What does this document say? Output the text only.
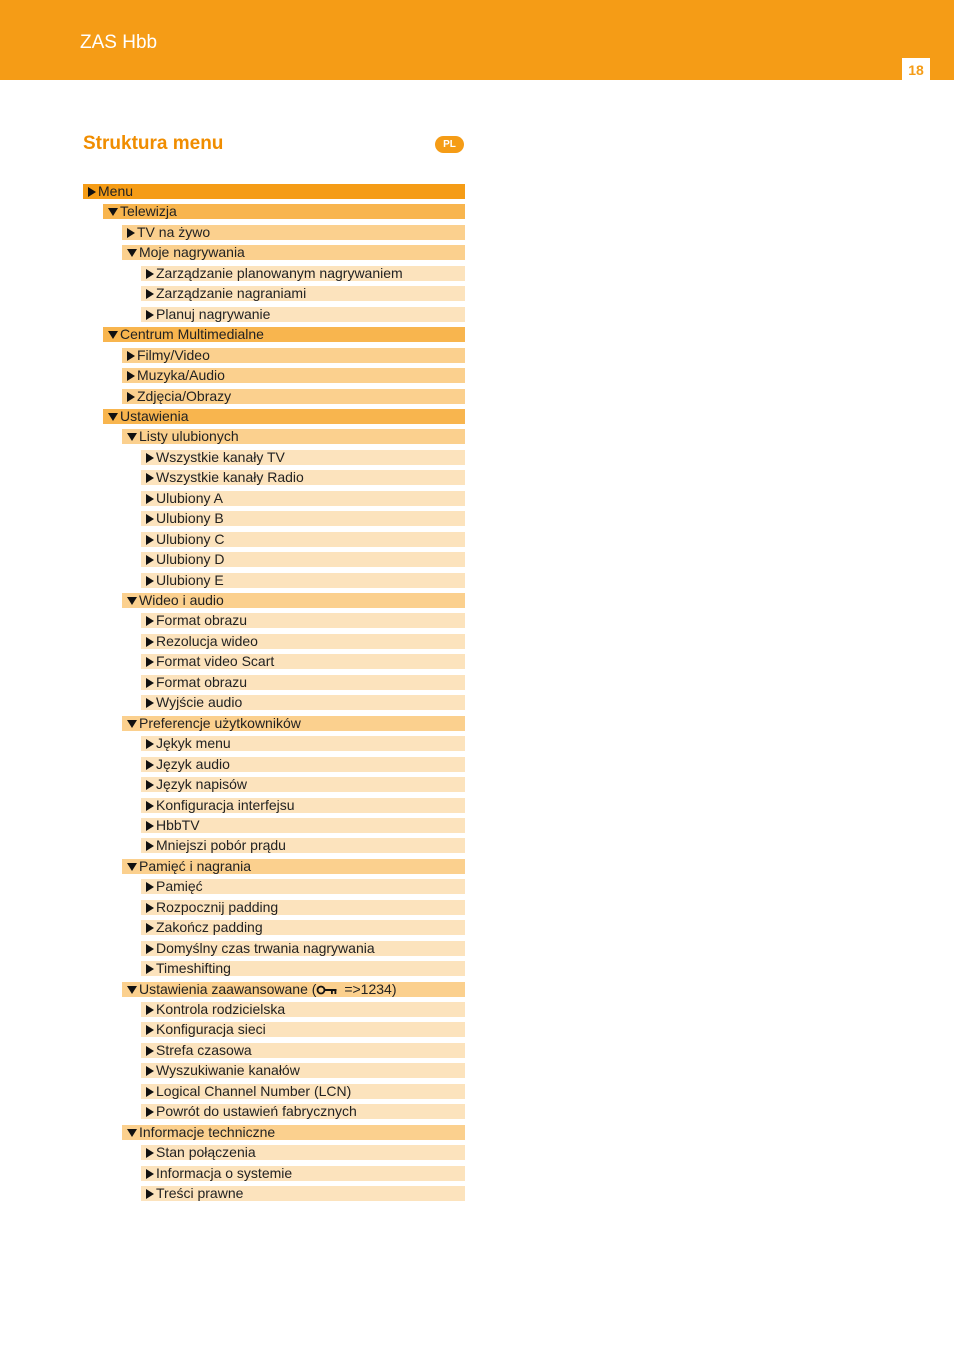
ZAS Hbb
18
Struktura menu	PL
Menu
Telewizja
TV na żywo
Moje nagrywania
Zarządzanie planowanym nagrywaniem
Zarządzanie nagraniami
Planuj nagrywanie
Centrum Multimedialne
Filmy/Video
Muzyka/Audio
Zdjęcia/Obrazy
Ustawienia
Listy ulubionych
Wszystkie kanały TV
Wszystkie kanały Radio
Ulubiony A
Ulubiony B
Ulubiony C
Ulubiony D
Ulubiony E
Wideo i audio
Format obrazu
Rezolucja wideo
Format video Scart
Format obrazu
Wyjście audio
Preferencje użytkowników
Jękyk menu
Język audio
Język napisów
Konfiguracja interfejsu
HbbTV
Mniejszi pobór prądu
Pamięć i nagrania
Pamięć
Rozpocznij padding
Zakończ padding
Domyślny czas trwania nagrywania
Timeshifting
Ustawienia zaawansowane ( =>1234)
Kontrola rodzicielska
Konfiguracja sieci
Strefa czasowa
Wyszukiwanie kanałów
Logical Channel Number (LCN)
Powrót do ustawień fabrycznych
Informacje techniczne
Stan połączenia
Informacja o systemie
Treści prawne
